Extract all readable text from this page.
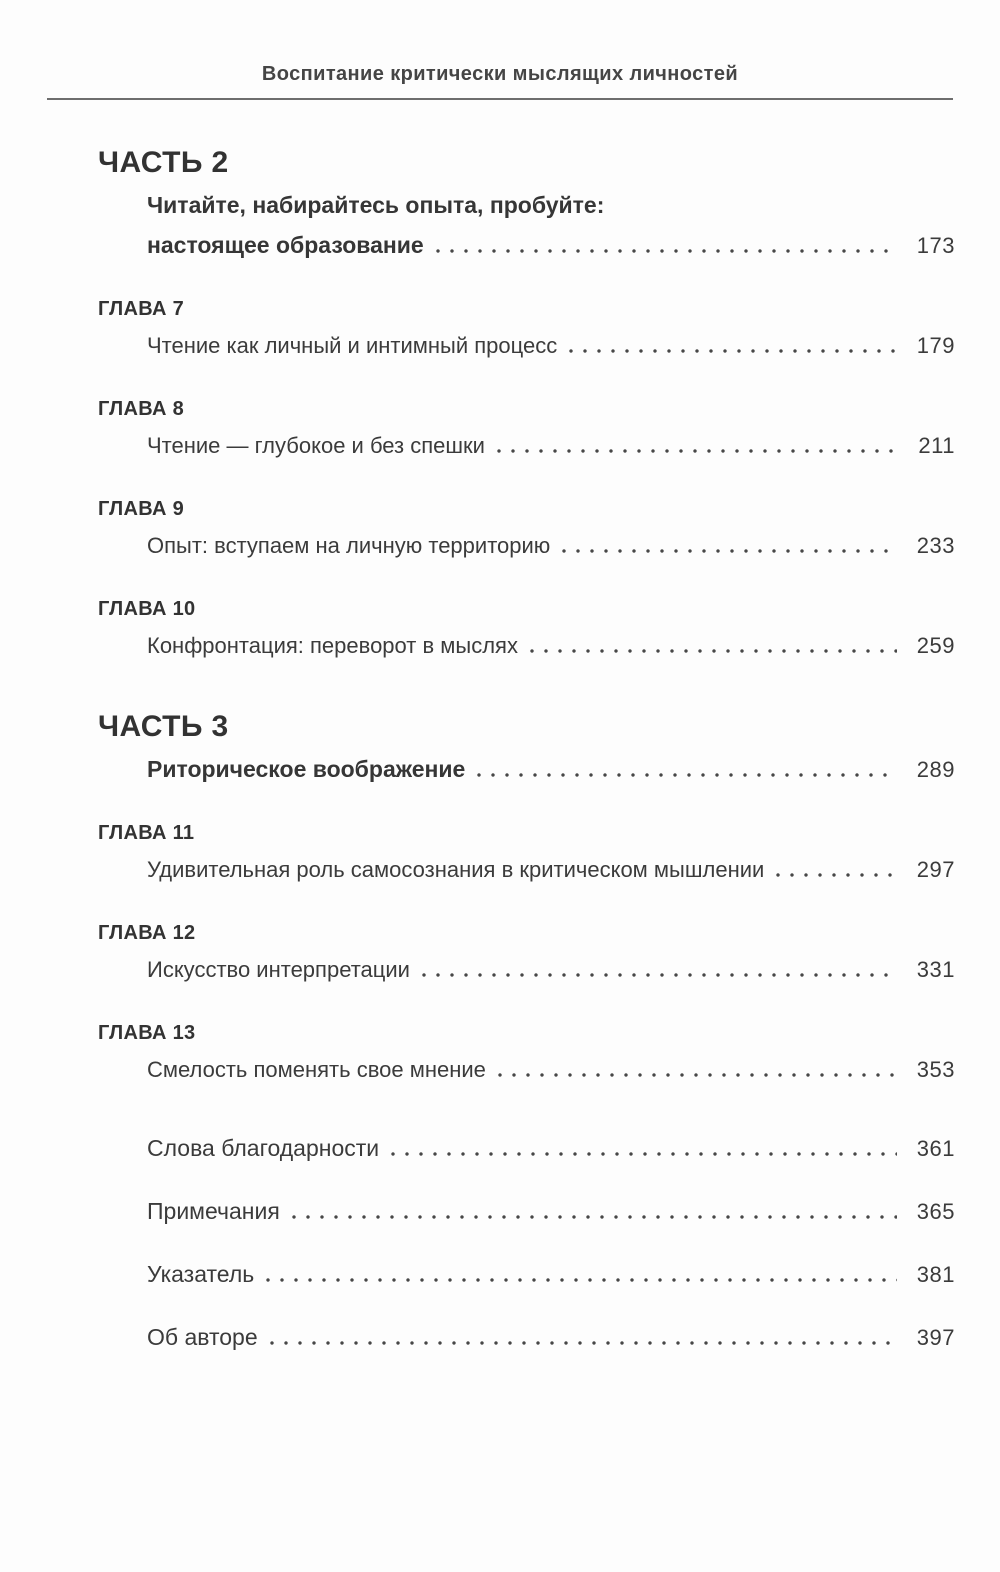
Воспитание критически мыслящих личностей
ЧАСТЬ 2
Читайте, набирайтесь опыта, пробуйте:
настоящее образование	173
ГЛАВА 7
Чтение как личный и интимный процесс	179
ГЛАВА 8
Чтение — глубокое и без спешки	211
ГЛАВА 9
Опыт: вступаем на личную территорию	233
ГЛАВА 10
Конфронтация: переворот в мыслях	259
ЧАСТЬ 3
Риторическое воображение	289
ГЛАВА 11
Удивительная роль самосознания в критическом мышлении	297
ГЛАВА 12
Искусство интерпретации	331
ГЛАВА 13
Смелость поменять свое мнение	353
Слова благодарности	361
Примечания	365
Указатель	381
Об авторе	397
